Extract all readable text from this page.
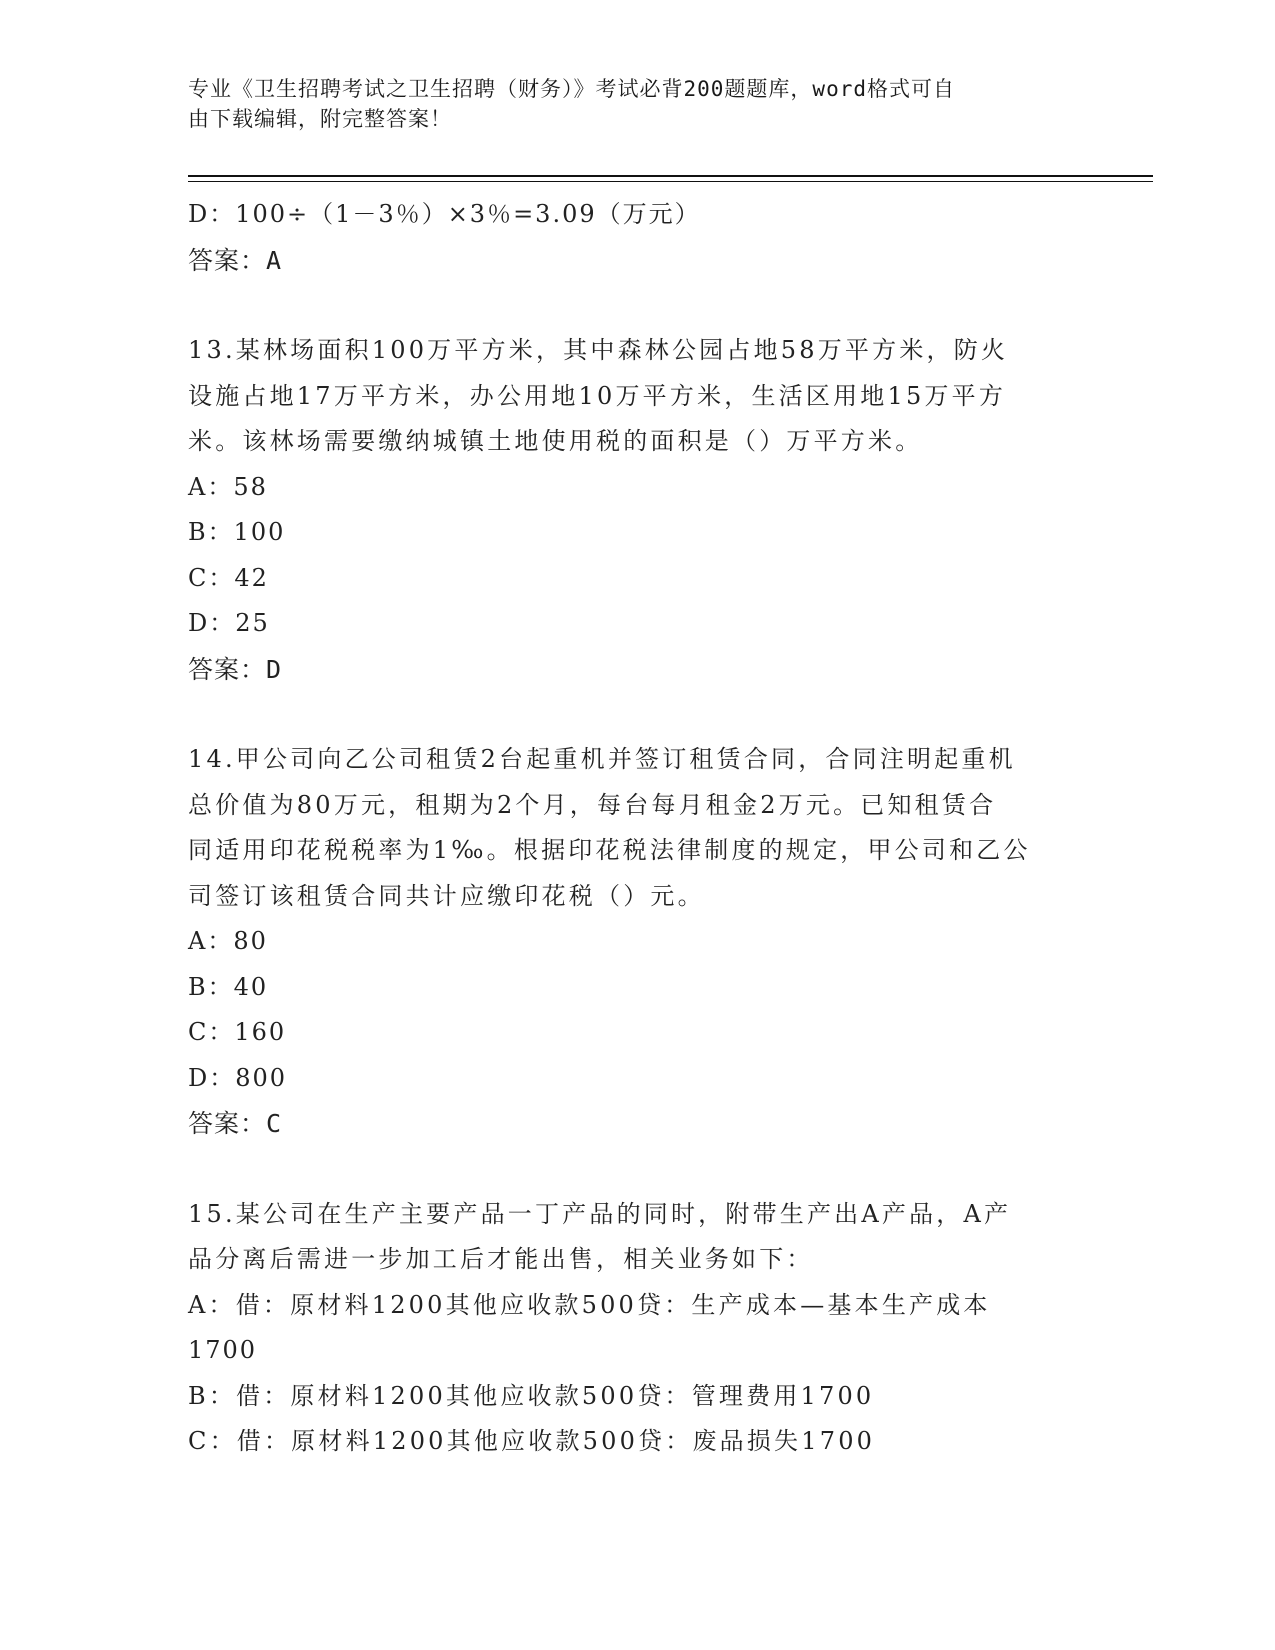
专业《卫生招聘考试之卫生招聘（财务）》考试必背200题题库，word格式可自
由下载编辑，附完整答案！
D：100÷（1－3％）×3％=3.09（万元）
答案：A
13.某林场面积100万平方米，其中森林公园占地58万平方米，防火
设施占地17万平方米，办公用地10万平方米，生活区用地15万平方
米。该林场需要缴纳城镇土地使用税的面积是（）万平方米。
A：58
B：100
C：42
D：25
答案：D
14.甲公司向乙公司租赁2台起重机并签订租赁合同，合同注明起重机
总价值为80万元，租期为2个月，每台每月租金2万元。已知租赁合
同适用印花税税率为1‰。根据印花税法律制度的规定，甲公司和乙公
司签订该租赁合同共计应缴印花税（）元。
A：80
B：40
C：160
D：800
答案：C
15.某公司在生产主要产品一丁产品的同时，附带生产出A产品，A产
品分离后需进一步加工后才能出售，相关业务如下：
A：借：原材料1200其他应收款500贷：生产成本—基本生产成本
1700
B：借：原材料1200其他应收款500贷：管理费用1700
C：借：原材料1200其他应收款500贷：废品损失1700
